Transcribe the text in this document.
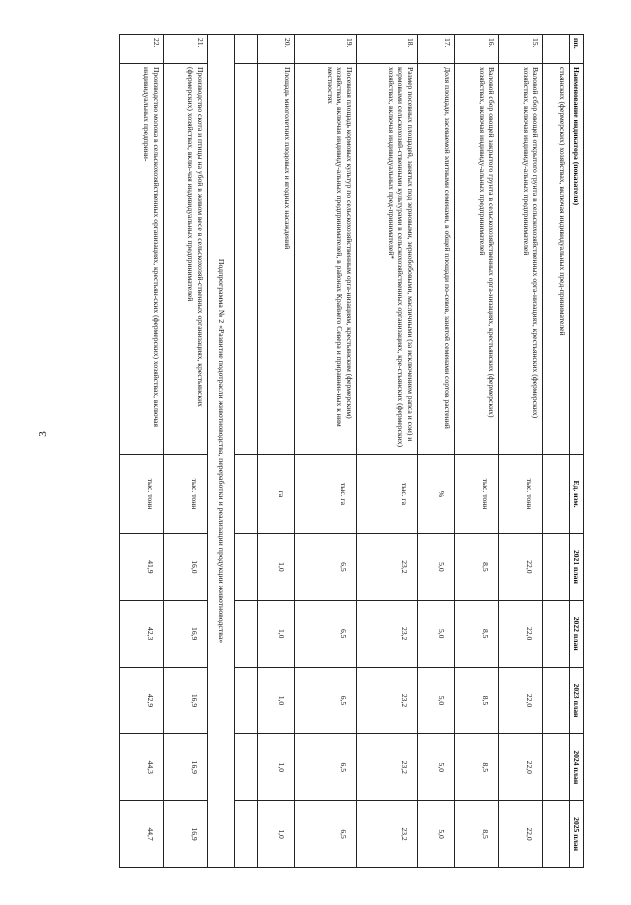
3
пп.	Наименование индикатора (показателя)	Ед. изм.	2021 план	2022 план	2023 план	2024 план	2025 план
	стьянских (фермерских) хозяйствах, включая индивидуальных пред-принимателей						
15.	Валовой сбор овощей открытого грунта в сельскохозяйственных орга-низациях, крестьянских (фермерских) хозяйствах, включая индивиду-альных предпринимателей	тыс. тонн	22,0	22,0	22,0	22,0	22,0
16.	Валовой сбор овощей закрытого грунта в сельскохозяйственных орга-низациях, крестьянских (фермерских) хозяйствах, включая индивиду-альных предпринимателей	тыс. тонн	8,5	8,5	8,5	8,5	8,5
17.	Доля площади, засеваемой элитными семенами, в общей площади по-севов, занятой семенами сортов растений	%	5,0	5,0	5,0	5,0	5,0
18.	Размер посевных площадей, занятых под зерновыми, зернобобовыми, масличными (за исключением рапса и сои) и кормовыми сельскохозяй-ственными культурами в сельскохозяйственных организациях, кре-стьянских (фермерских) хозяйствах, включая индивидуальных пред-принимателей*	тыс. га	23,2	23,2	23,2	23,2	23,2
19.	Посевная площадь кормовых культур по сельскохозяйственным орга-низациям, крестьянским (фермерским) хозяйствам, включая индивиду-альных предпринимателей, в районах Крайнего Севера и приравнен-ных к ним местностях	тыс. га	6,5	6,5	6,5	6,5	6,5
20.	Площадь многолетних плодовых и ягодных насаждений	га	1,0	1,0	1,0	1,0	1,0

Подпрограмма № 2 «Развитие подотрасли животноводства, переработки и реализации продукции животноводства»							
21.	Производство скота и птицы на убой в живом весе в сельскохозяй-ственных организациях, крестьянских (фермерских) хозяйствах, вклю-чая индивидуальных предпринимателей	тыс. тонн	16,0	16,9	16,9	16,9	16,9
22.	Производство молока в сельскохозяйственных организациях, крестьян-ских (фермерских) хозяйствах, включая индивидуальных предприни-	тыс. тонн	41,9	42,3	42,9	44,3	44,7
